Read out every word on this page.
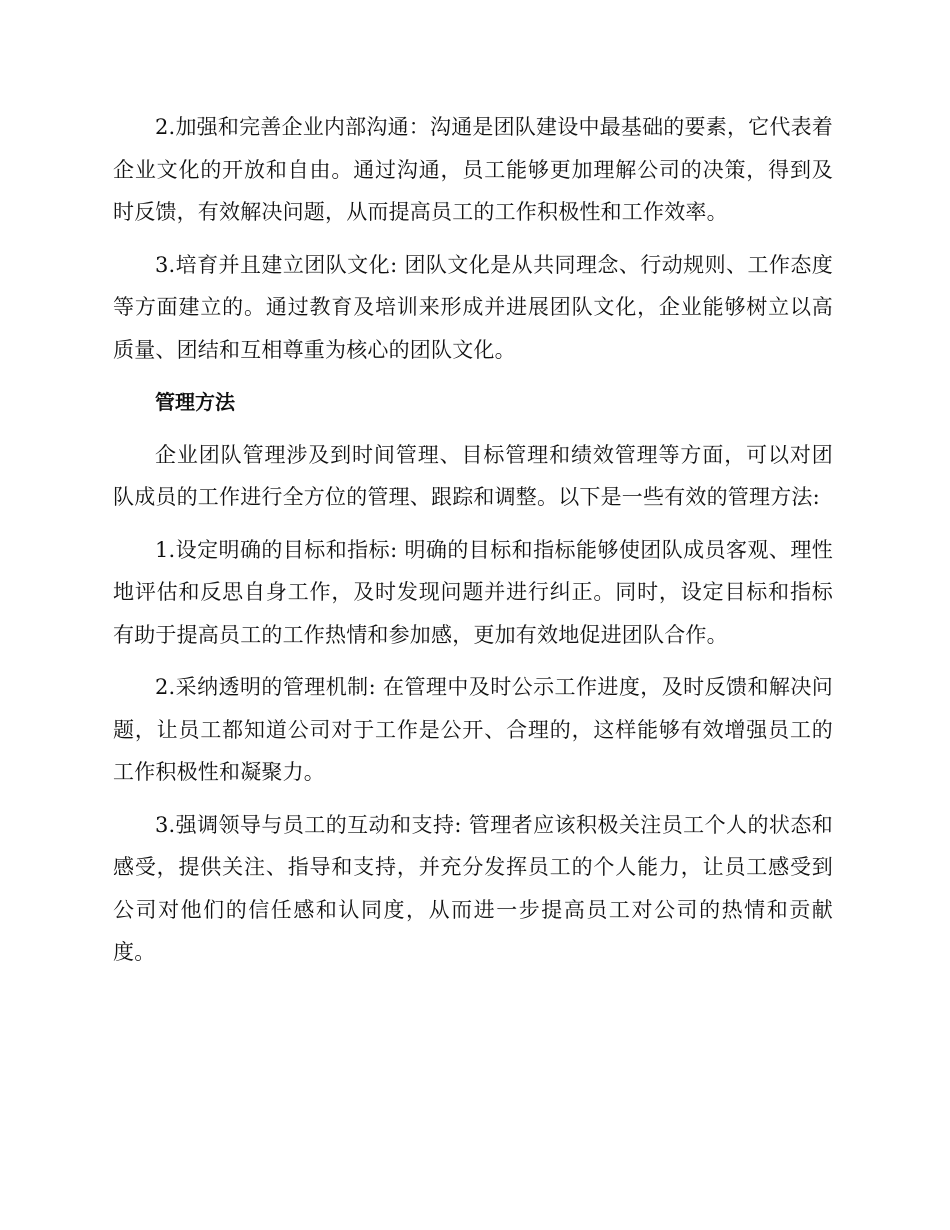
2.加强和完善企业内部沟通：沟通是团队建设中最基础的要素，它代表着企业文化的开放和自由。通过沟通，员工能够更加理解公司的决策，得到及时反馈，有效解决问题，从而提高员工的工作积极性和工作效率。

3.培育并且建立团队文化: 团队文化是从共同理念、行动规则、工作态度等方面建立的。通过教育及培训来形成并进展团队文化，企业能够树立以高质量、团结和互相尊重为核心的团队文化。

管理方法

企业团队管理涉及到时间管理、目标管理和绩效管理等方面，可以对团队成员的工作进行全方位的管理、跟踪和调整。以下是一些有效的管理方法:

1.设定明确的目标和指标: 明确的目标和指标能够使团队成员客观、理性地评估和反思自身工作，及时发现问题并进行纠正。同时，设定目标和指标有助于提高员工的工作热情和参加感，更加有效地促进团队合作。

2.采纳透明的管理机制: 在管理中及时公示工作进度，及时反馈和解决问题，让员工都知道公司对于工作是公开、合理的，这样能够有效增强员工的工作积极性和凝聚力。

3.强调领导与员工的互动和支持: 管理者应该积极关注员工个人的状态和感受，提供关注、指导和支持，并充分发挥员工的个人能力，让员工感受到公司对他们的信任感和认同度，从而进一步提高员工对公司的热情和贡献度。
